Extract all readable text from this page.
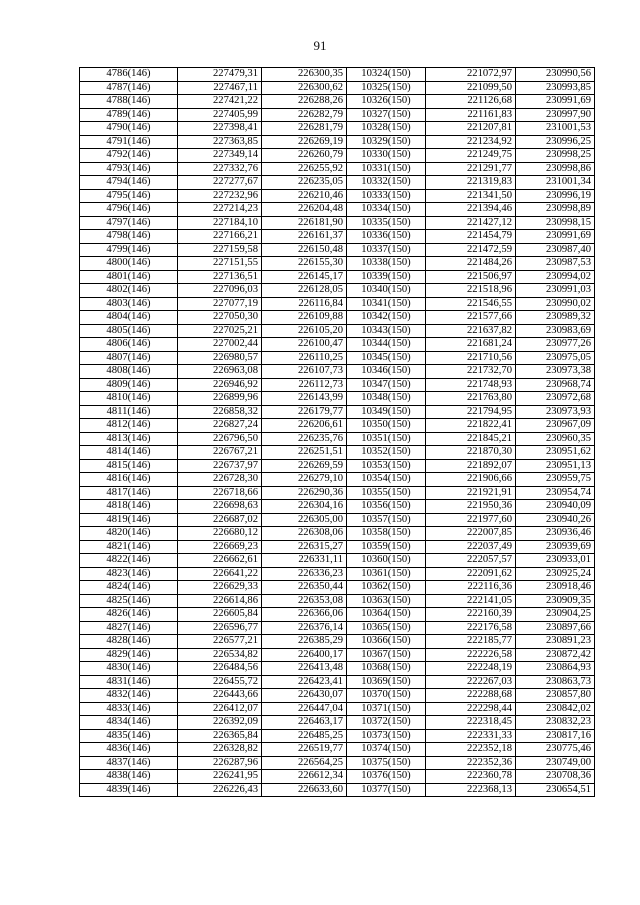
91
4786(146)	227479,31	226300,35	10324(150)	221072,97	230990,56
4787(146)	227467,11	226300,62	10325(150)	221099,50	230993,85
4788(146)	227421,22	226288,26	10326(150)	221126,68	230991,69
4789(146)	227405,99	226282,79	10327(150)	221161,83	230997,90
4790(146)	227398,41	226281,79	10328(150)	221207,81	231001,53
4791(146)	227363,85	226269,19	10329(150)	221234,92	230996,25
4792(146)	227349,14	226260,79	10330(150)	221249,75	230998,25
4793(146)	227332,76	226255,92	10331(150)	221291,77	230998,86
4794(146)	227277,67	226235,05	10332(150)	221319,83	231001,34
4795(146)	227232,96	226210,46	10333(150)	221341,50	230996,19
4796(146)	227214,23	226204,48	10334(150)	221394,46	230998,89
4797(146)	227184,10	226181,90	10335(150)	221427,12	230998,15
4798(146)	227166,21	226161,37	10336(150)	221454,79	230991,69
4799(146)	227159,58	226150,48	10337(150)	221472,59	230987,40
4800(146)	227151,55	226155,30	10338(150)	221484,26	230987,53
4801(146)	227136,51	226145,17	10339(150)	221506,97	230994,02
4802(146)	227096,03	226128,05	10340(150)	221518,96	230991,03
4803(146)	227077,19	226116,84	10341(150)	221546,55	230990,02
4804(146)	227050,30	226109,88	10342(150)	221577,66	230989,32
4805(146)	227025,21	226105,20	10343(150)	221637,82	230983,69
4806(146)	227002,44	226100,47	10344(150)	221681,24	230977,26
4807(146)	226980,57	226110,25	10345(150)	221710,56	230975,05
4808(146)	226963,08	226107,73	10346(150)	221732,70	230973,38
4809(146)	226946,92	226112,73	10347(150)	221748,93	230968,74
4810(146)	226899,96	226143,99	10348(150)	221763,80	230972,68
4811(146)	226858,32	226179,77	10349(150)	221794,95	230973,93
4812(146)	226827,24	226206,61	10350(150)	221822,41	230967,09
4813(146)	226796,50	226235,76	10351(150)	221845,21	230960,35
4814(146)	226767,21	226251,51	10352(150)	221870,30	230951,62
4815(146)	226737,97	226269,59	10353(150)	221892,07	230951,13
4816(146)	226728,30	226279,10	10354(150)	221906,66	230959,75
4817(146)	226718,66	226290,36	10355(150)	221921,91	230954,74
4818(146)	226698,63	226304,16	10356(150)	221950,36	230940,09
4819(146)	226687,02	226305,00	10357(150)	221977,60	230940,26
4820(146)	226680,12	226308,06	10358(150)	222007,85	230936,46
4821(146)	226669,23	226315,27	10359(150)	222037,49	230939,69
4822(146)	226662,61	226331,11	10360(150)	222057,57	230933,01
4823(146)	226641,22	226336,23	10361(150)	222091,62	230925,24
4824(146)	226629,33	226350,44	10362(150)	222116,36	230918,46
4825(146)	226614,86	226353,08	10363(150)	222141,05	230909,35
4826(146)	226605,84	226366,06	10364(150)	222160,39	230904,25
4827(146)	226596,77	226376,14	10365(150)	222176,58	230897,66
4828(146)	226577,21	226385,29	10366(150)	222185,77	230891,23
4829(146)	226534,82	226400,17	10367(150)	222226,58	230872,42
4830(146)	226484,56	226413,48	10368(150)	222248,19	230864,93
4831(146)	226455,72	226423,41	10369(150)	222267,03	230863,73
4832(146)	226443,66	226430,07	10370(150)	222288,68	230857,80
4833(146)	226412,07	226447,04	10371(150)	222298,44	230842,02
4834(146)	226392,09	226463,17	10372(150)	222318,45	230832,23
4835(146)	226365,84	226485,25	10373(150)	222331,33	230817,16
4836(146)	226328,82	226519,77	10374(150)	222352,18	230775,46
4837(146)	226287,96	226564,25	10375(150)	222352,36	230749,00
4838(146)	226241,95	226612,34	10376(150)	222360,78	230708,36
4839(146)	226226,43	226633,60	10377(150)	222368,13	230654,51
